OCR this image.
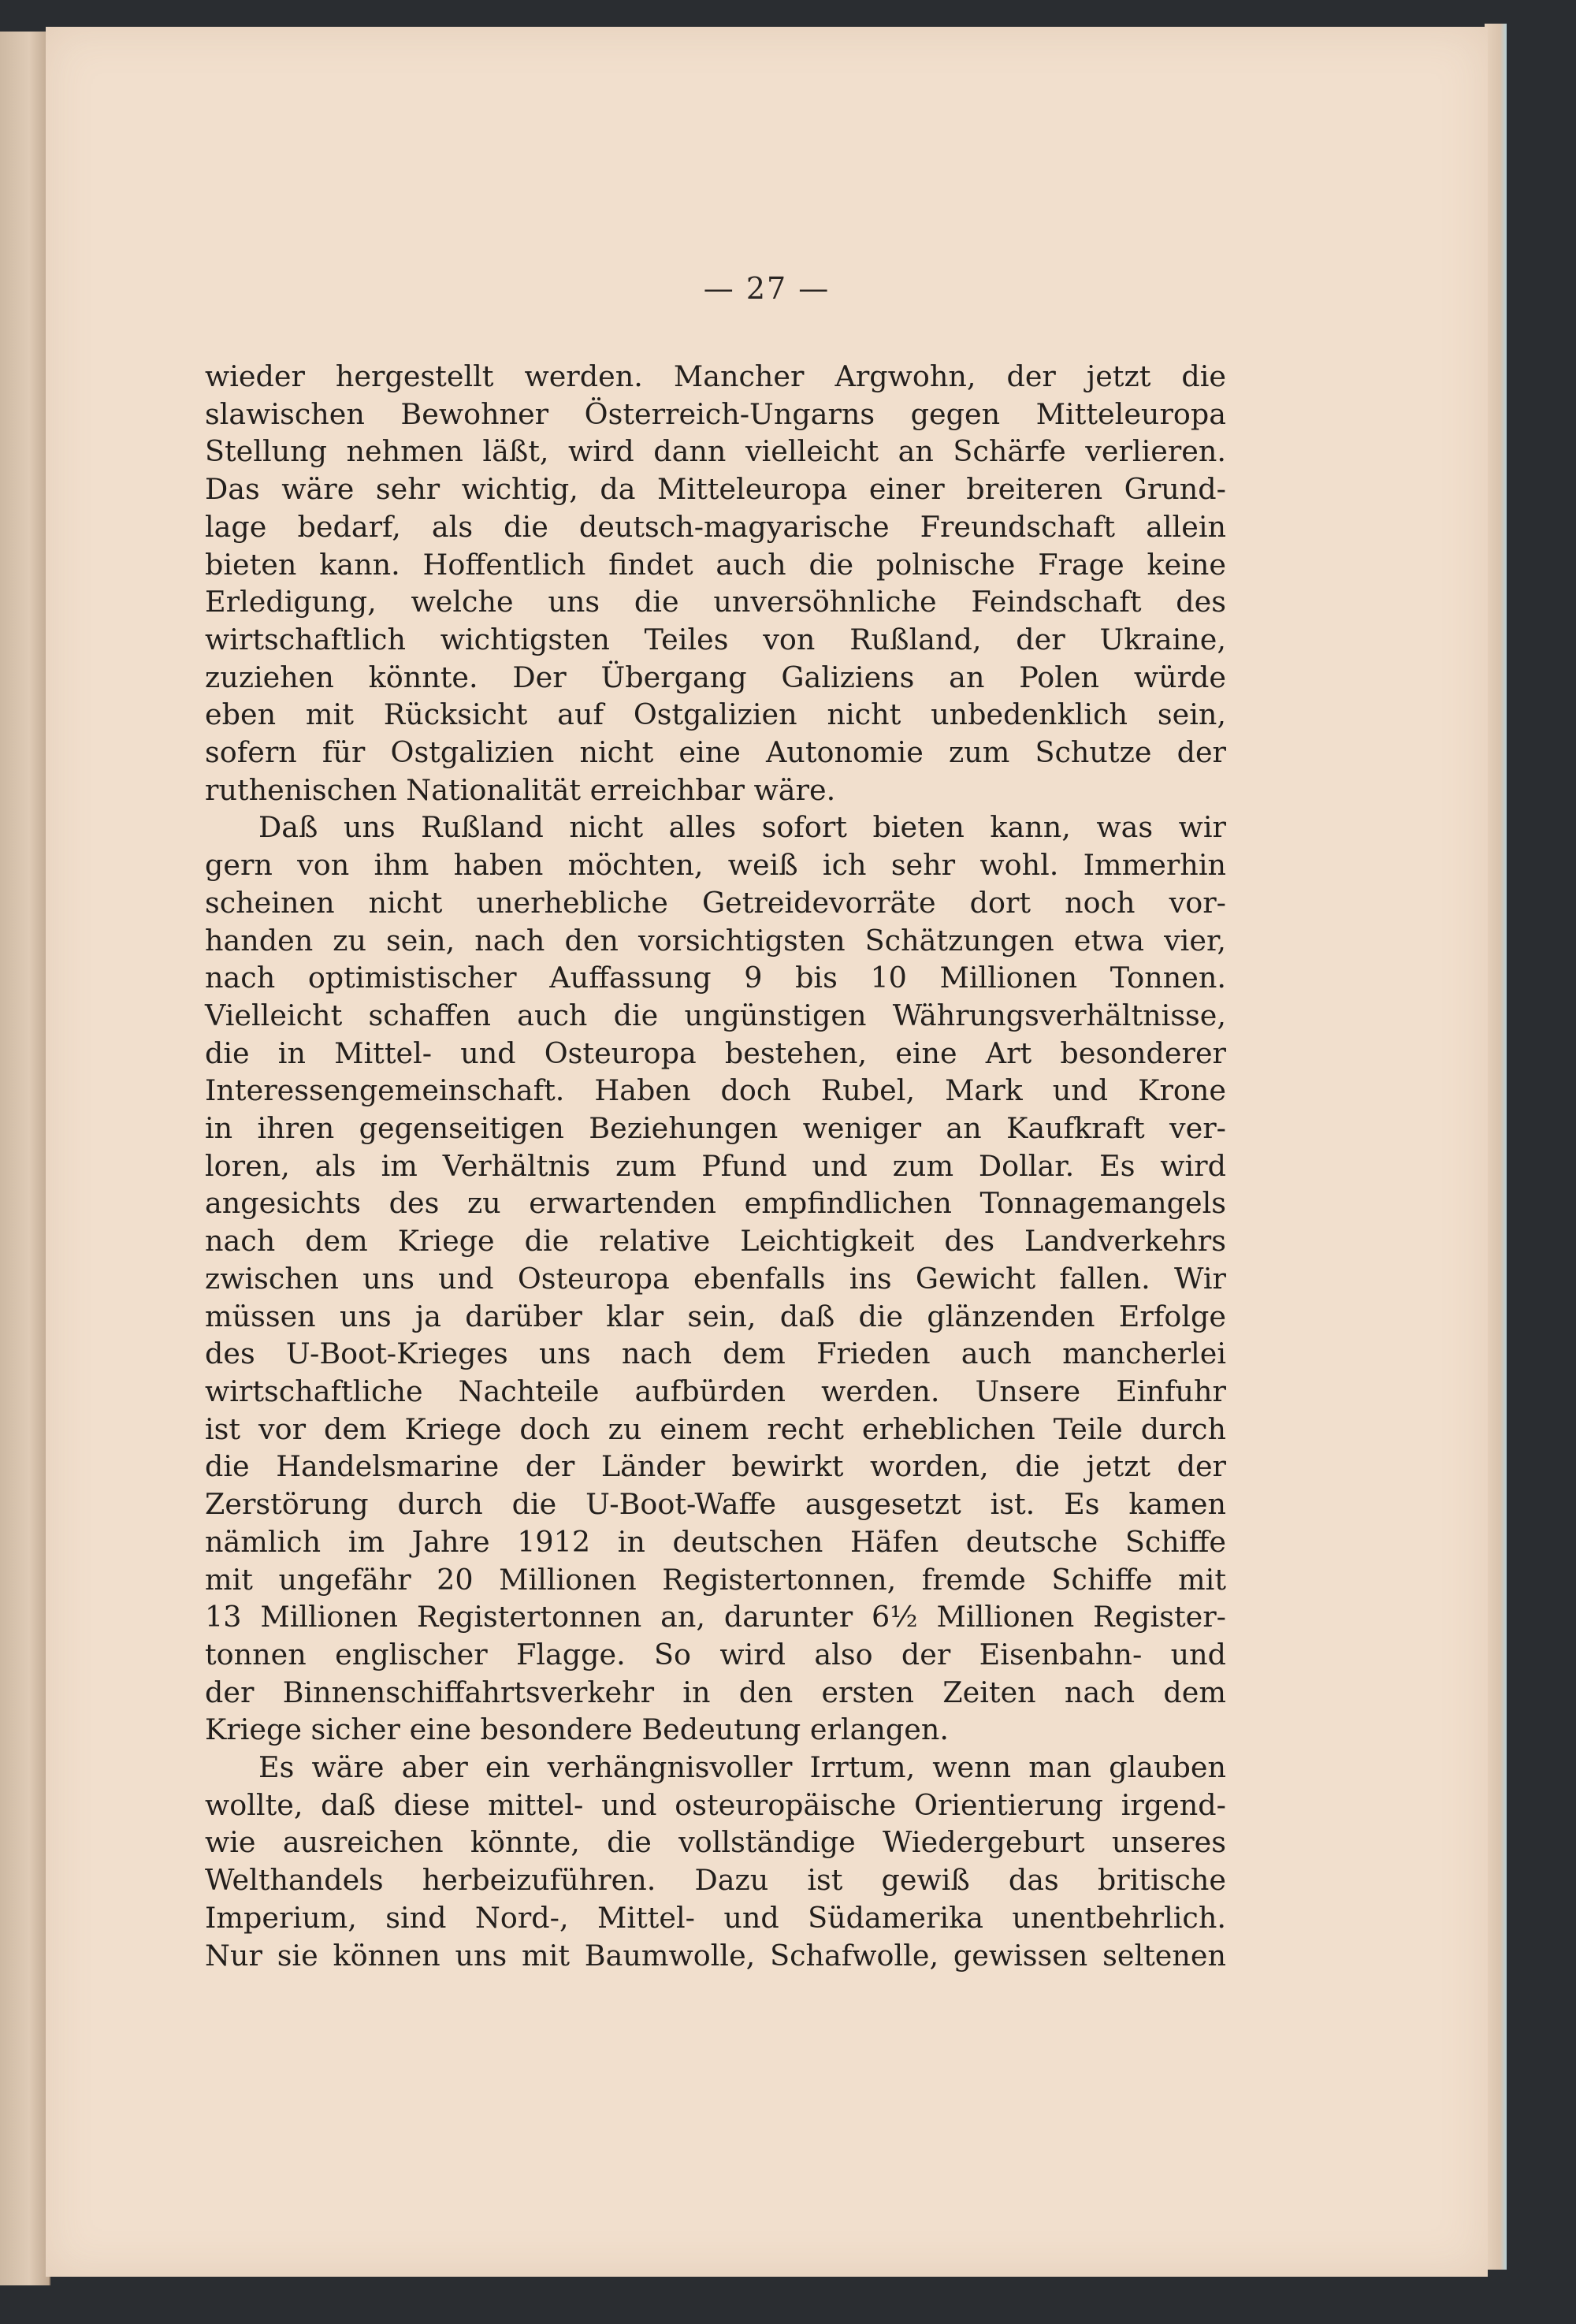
— 27 —
wieder hergestellt werden. Mancher Argwohn, der jetzt die
slawischen Bewohner Österreich-Ungarns gegen Mitteleuropa
Stellung nehmen läßt, wird dann vielleicht an Schärfe verlieren.
Das wäre sehr wichtig, da Mitteleuropa einer breiteren Grund-
lage bedarf, als die deutsch-magyarische Freundschaft allein
bieten kann. Hoffentlich findet auch die polnische Frage keine
Erledigung, welche uns die unversöhnliche Feindschaft des
wirtschaftlich wichtigsten Teiles von Rußland, der Ukraine,
zuziehen könnte. Der Übergang Galiziens an Polen würde
eben mit Rücksicht auf Ostgalizien nicht unbedenklich sein,
sofern für Ostgalizien nicht eine Autonomie zum Schutze der
ruthenischen Nationalität erreichbar wäre.
Daß uns Rußland nicht alles sofort bieten kann, was wir
gern von ihm haben möchten, weiß ich sehr wohl. Immerhin
scheinen nicht unerhebliche Getreidevorräte dort noch vor-
handen zu sein, nach den vorsichtigsten Schätzungen etwa vier,
nach optimistischer Auffassung 9 bis 10 Millionen Tonnen.
Vielleicht schaffen auch die ungünstigen Währungsverhältnisse,
die in Mittel- und Osteuropa bestehen, eine Art besonderer
Interessengemeinschaft. Haben doch Rubel, Mark und Krone
in ihren gegenseitigen Beziehungen weniger an Kaufkraft ver-
loren, als im Verhältnis zum Pfund und zum Dollar. Es wird
angesichts des zu erwartenden empfindlichen Tonnagemangels
nach dem Kriege die relative Leichtigkeit des Landverkehrs
zwischen uns und Osteuropa ebenfalls ins Gewicht fallen. Wir
müssen uns ja darüber klar sein, daß die glänzenden Erfolge
des U-Boot-Krieges uns nach dem Frieden auch mancherlei
wirtschaftliche Nachteile aufbürden werden. Unsere Einfuhr
ist vor dem Kriege doch zu einem recht erheblichen Teile durch
die Handelsmarine der Länder bewirkt worden, die jetzt der
Zerstörung durch die U-Boot-Waffe ausgesetzt ist. Es kamen
nämlich im Jahre 1912 in deutschen Häfen deutsche Schiffe
mit ungefähr 20 Millionen Registertonnen, fremde Schiffe mit
13 Millionen Registertonnen an, darunter 6½ Millionen Register-
tonnen englischer Flagge. So wird also der Eisenbahn- und
der Binnenschiffahrtsverkehr in den ersten Zeiten nach dem
Kriege sicher eine besondere Bedeutung erlangen.
Es wäre aber ein verhängnisvoller Irrtum, wenn man glauben
wollte, daß diese mittel- und osteuropäische Orientierung irgend-
wie ausreichen könnte, die vollständige Wiedergeburt unseres
Welthandels herbeizuführen. Dazu ist gewiß das britische
Imperium, sind Nord-, Mittel- und Südamerika unentbehrlich.
Nur sie können uns mit Baumwolle, Schafwolle, gewissen seltenen
